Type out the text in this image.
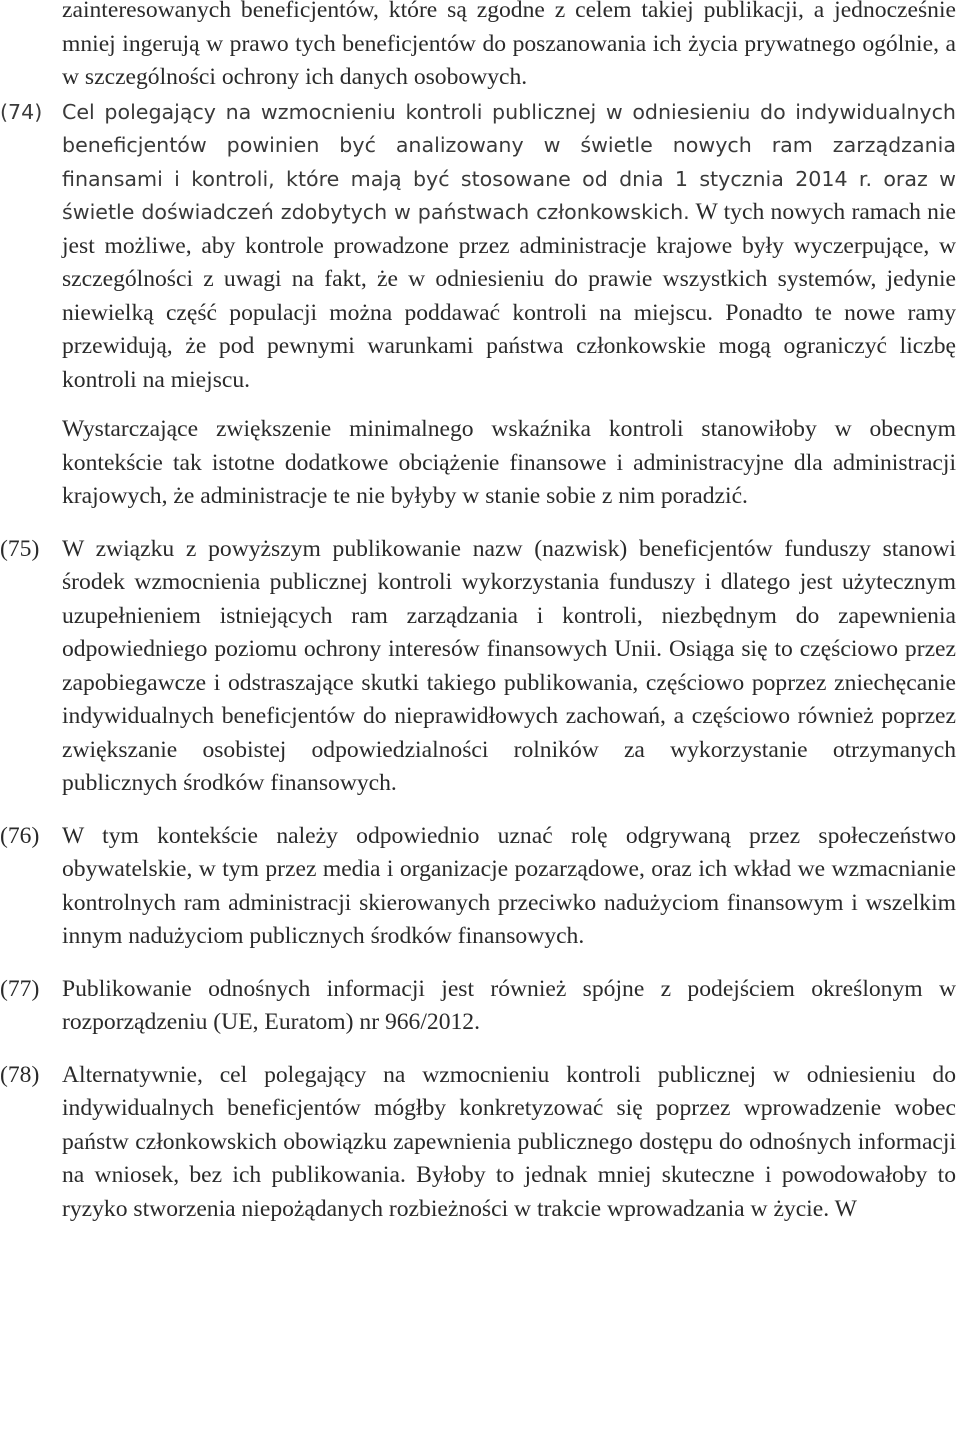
zainteresowanych beneficjentów, które są zgodne z celem takiej publikacji, a jednocześnie mniej ingerują w prawo tych beneficjentów do poszanowania ich życia prywatnego ogólnie, a w szczególności ochrony ich danych osobowych.

(74) Cel polegający na wzmocnieniu kontroli publicznej w odniesieniu do indywidualnych beneficjentów powinien być analizowany w świetle nowych ram zarządzania finansami i kontroli, które mają być stosowane od dnia 1 stycznia 2014 r. oraz w świetle doświadczeń zdobytych w państwach członkowskich. W tych nowych ramach nie jest możliwe, aby kontrole prowadzone przez administracje krajowe były wyczerpujące, w szczególności z uwagi na fakt, że w odniesieniu do prawie wszystkich systemów, jedynie niewielką część populacji można poddawać kontroli na miejscu. Ponadto te nowe ramy przewidują, że pod pewnymi warunkami państwa członkowskie mogą ograniczyć liczbę kontroli na miejscu.

Wystarczające zwiększenie minimalnego wskaźnika kontroli stanowiłoby w obecnym kontekście tak istotne dodatkowe obciążenie finansowe i administracyjne dla administracji krajowych, że administracje te nie byłyby w stanie sobie z nim poradzić.

(75) W związku z powyższym publikowanie nazw (nazwisk) beneficjentów funduszy stanowi środek wzmocnienia publicznej kontroli wykorzystania funduszy i dlatego jest użytecznym uzupełnieniem istniejących ram zarządzania i kontroli, niezbędnym do zapewnienia odpowiedniego poziomu ochrony interesów finansowych Unii. Osiąga się to częściowo przez zapobiegawcze i odstraszające skutki takiego publikowania, częściowo poprzez zniechęcanie indywidualnych beneficjentów do nieprawidłowych zachowań, a częściowo również poprzez zwiększanie osobistej odpowiedzialności rolników za wykorzystanie otrzymanych publicznych środków finansowych.

(76) W tym kontekście należy odpowiednio uznać rolę odgrywaną przez społeczeństwo obywatelskie, w tym przez media i organizacje pozarządowe, oraz ich wkład we wzmacnianie kontrolnych ram administracji skierowanych przeciwko nadużyciom finansowym i wszelkim innym nadużyciom publicznych środków finansowych.

(77) Publikowanie odnośnych informacji jest również spójne z podejściem określonym w rozporządzeniu (UE, Euratom) nr 966/2012.

(78) Alternatywnie, cel polegający na wzmocnieniu kontroli publicznej w odniesieniu do indywidualnych beneficjentów mógłby konkretyzować się poprzez wprowadzenie wobec państw członkowskich obowiązku zapewnienia publicznego dostępu do odnośnych informacji na wniosek, bez ich publikowania. Byłoby to jednak mniej skuteczne i powodowałoby to ryzyko stworzenia niepożądanych rozbieżności w trakcie wprowadzania w życie. W
